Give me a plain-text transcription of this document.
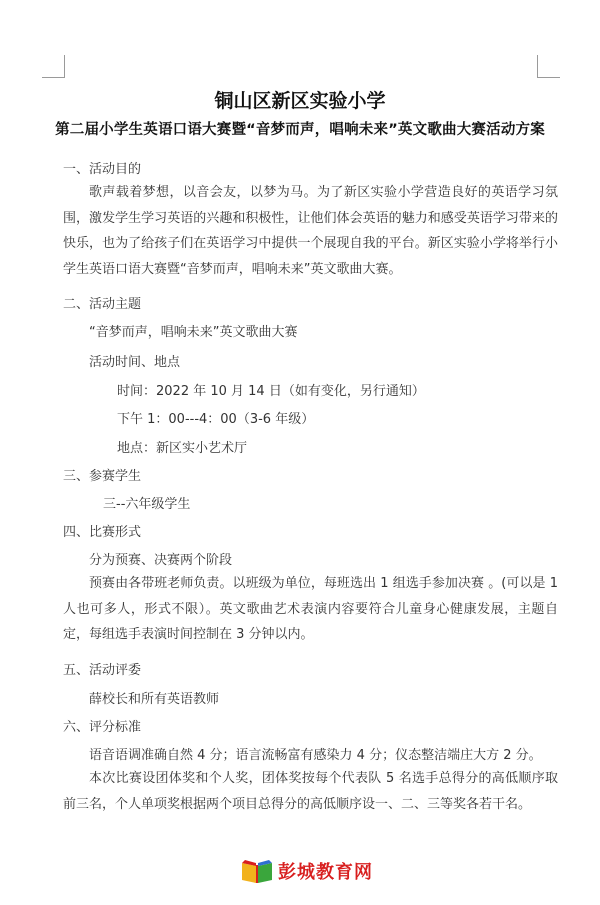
铜山区新区实验小学
第二届小学生英语口语大赛暨“音梦而声，唱响未来”英文歌曲大赛活动方案
一、活动目的
歌声载着梦想，以音会友，以梦为马。为了新区实验小学营造良好的英语学习氛围，激发学生学习英语的兴趣和积极性，让他们体会英语的魅力和感受英语学习带来的快乐，也为了给孩子们在英语学习中提供一个展现自我的平台。新区实验小学将举行小学生英语口语大赛暨“音梦而声，唱响未来”英文歌曲大赛。
二、活动主题
“音梦而声，唱响未来”英文歌曲大赛
活动时间、地点
时间：2022 年 10 月 14 日（如有变化，另行通知）
下午 1：00---4：00（3-6 年级）
地点：新区实小艺术厅
三、参赛学生
三--六年级学生
四、比赛形式
分为预赛、决赛两个阶段
预赛由各带班老师负责。以班级为单位，每班选出 1 组选手参加决赛 。(可以是 1 人也可多人，形式不限）。英文歌曲艺术表演内容要符合儿童身心健康发展，主题自定，每组选手表演时间控制在 3 分钟以内。
五、活动评委
薛校长和所有英语教师
六、评分标准
语音语调准确自然 4 分；语言流畅富有感染力 4 分；仪态整洁端庄大方 2 分。
本次比赛设团体奖和个人奖，团体奖按每个代表队 5 名选手总得分的高低顺序取前三名，个人单项奖根据两个项目总得分的高低顺序设一、二、三等奖各若干名。
彭城教育网
